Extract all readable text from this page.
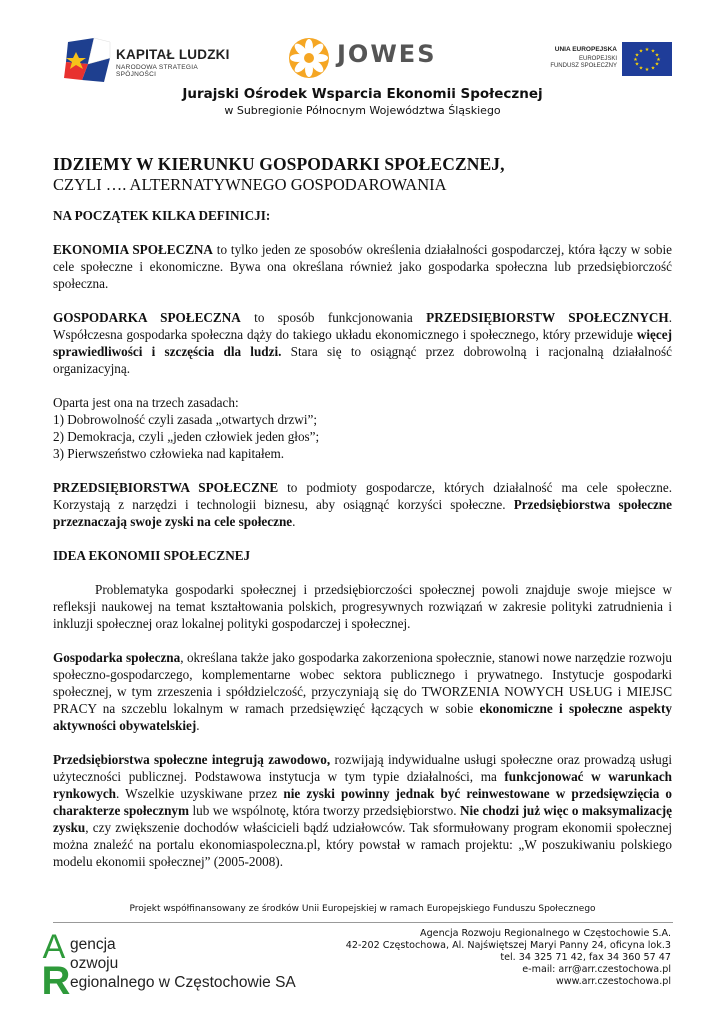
KAPITAŁ LUDZKI
NARODOWA STRATEGIA SPÓJNOŚCI
JOWES	UNIA EUROPEJSKA
EUROPEJSKI
FUNDUSZ SPOŁECZNY
★ ★
★
★
★
★
★
★
★
★
★
★
Jurajski Ośrodek Wsparcia Ekonomii Społecznej
w Subregionie Północnym Województwa Śląskiego
IDZIEMY W KIERUNKU GOSPODARKI SPOŁECZNEJ,
CZYLI …. ALTERNATYWNEGO GOSPODAROWANIA

NA POCZĄTEK KILKA DEFINICJI:

EKONOMIA SPOŁECZNA to tylko jeden ze sposobów określenia działalności gospodarczej, która łączy w sobie cele społeczne i ekonomiczne. Bywa ona określana również jako gospodarka społeczna lub przedsiębiorczość społeczna.

GOSPODARKA SPOŁECZNA to sposób funkcjonowania PRZEDSIĘBIORSTW SPOŁECZNYCH. Współczesna gospodarka społeczna dąży do takiego układu ekonomicznego i społecznego, który przewiduje więcej sprawiedliwości i szczęścia dla ludzi. Stara się to osiągnąć przez dobrowolną i racjonalną działalność organizacyjną.

Oparta jest ona na trzech zasadach:

1) Dobrowolność czyli zasada „otwartych drzwi”;

2) Demokracja, czyli „jeden człowiek jeden głos”;

3) Pierwszeństwo człowieka nad kapitałem.

PRZEDSIĘBIORSTWA SPOŁECZNE to podmioty gospodarcze, których działalność ma cele społeczne. Korzystają z narzędzi i technologii biznesu, aby osiągnąć korzyści społeczne. Przedsiębiorstwa społeczne przeznaczają swoje zyski na cele społeczne.

IDEA EKONOMII SPOŁECZNEJ

Problematyka gospodarki społecznej i przedsiębiorczości społecznej powoli znajduje swoje miejsce w refleksji naukowej na temat kształtowania polskich, progresywnych rozwiązań w zakresie polityki zatrudnienia i inkluzji społecznej oraz lokalnej polityki gospodarczej i społecznej.

Gospodarka społeczna, określana także jako gospodarka zakorzeniona społecznie, stanowi nowe narzędzie rozwoju społeczno-gospodarczego, komplementarne wobec sektora publicznego i prywatnego. Instytucje gospodarki społecznej, w tym zrzeszenia i spółdzielczość, przyczyniają się do TWORZENIA NOWYCH USŁUG i MIEJSC PRACY na szczeblu lokalnym w ramach przedsięwzięć łączących w sobie ekonomiczne i społeczne aspekty aktywności obywatelskiej.

Przedsiębiorstwa społeczne integrują zawodowo, rozwijają indywidualne usługi społeczne oraz prowadzą usługi użyteczności publicznej. Podstawowa instytucja w tym typie działalności, ma funkcjonować w warunkach rynkowych. Wszelkie uzyskiwane przez nie zyski powinny jednak być reinwestowane w przedsięwzięcia o charakterze społecznym lub we wspólnotę, która tworzy przedsiębiorstwo. Nie chodzi już więc o maksymalizację zysku, czy zwiększenie dochodów właścicieli bądź udziałowców. Tak sformułowany program ekonomii społecznej można znaleźć na portalu ekonomiaspoleczna.pl, który powstał w ramach projektu: „W poszukiwaniu polskiego modelu ekonomii społecznej” (2005-2008).

Projekt współfinansowany ze środków Unii Europejskiej w ramach Europejskiego Funduszu Społecznego
A
R
gencja
ozwoju
egionalnego w Częstochowie SA
Agencja Rozwoju Regionalnego w Częstochowie S.A.
42-202 Częstochowa, Al. Najświętszej Maryi Panny 24, oficyna lok.3
tel. 34 325 71 42, fax 34 360 57 47
e-mail: arr@arr.czestochowa.pl
www.arr.czestochowa.pl
